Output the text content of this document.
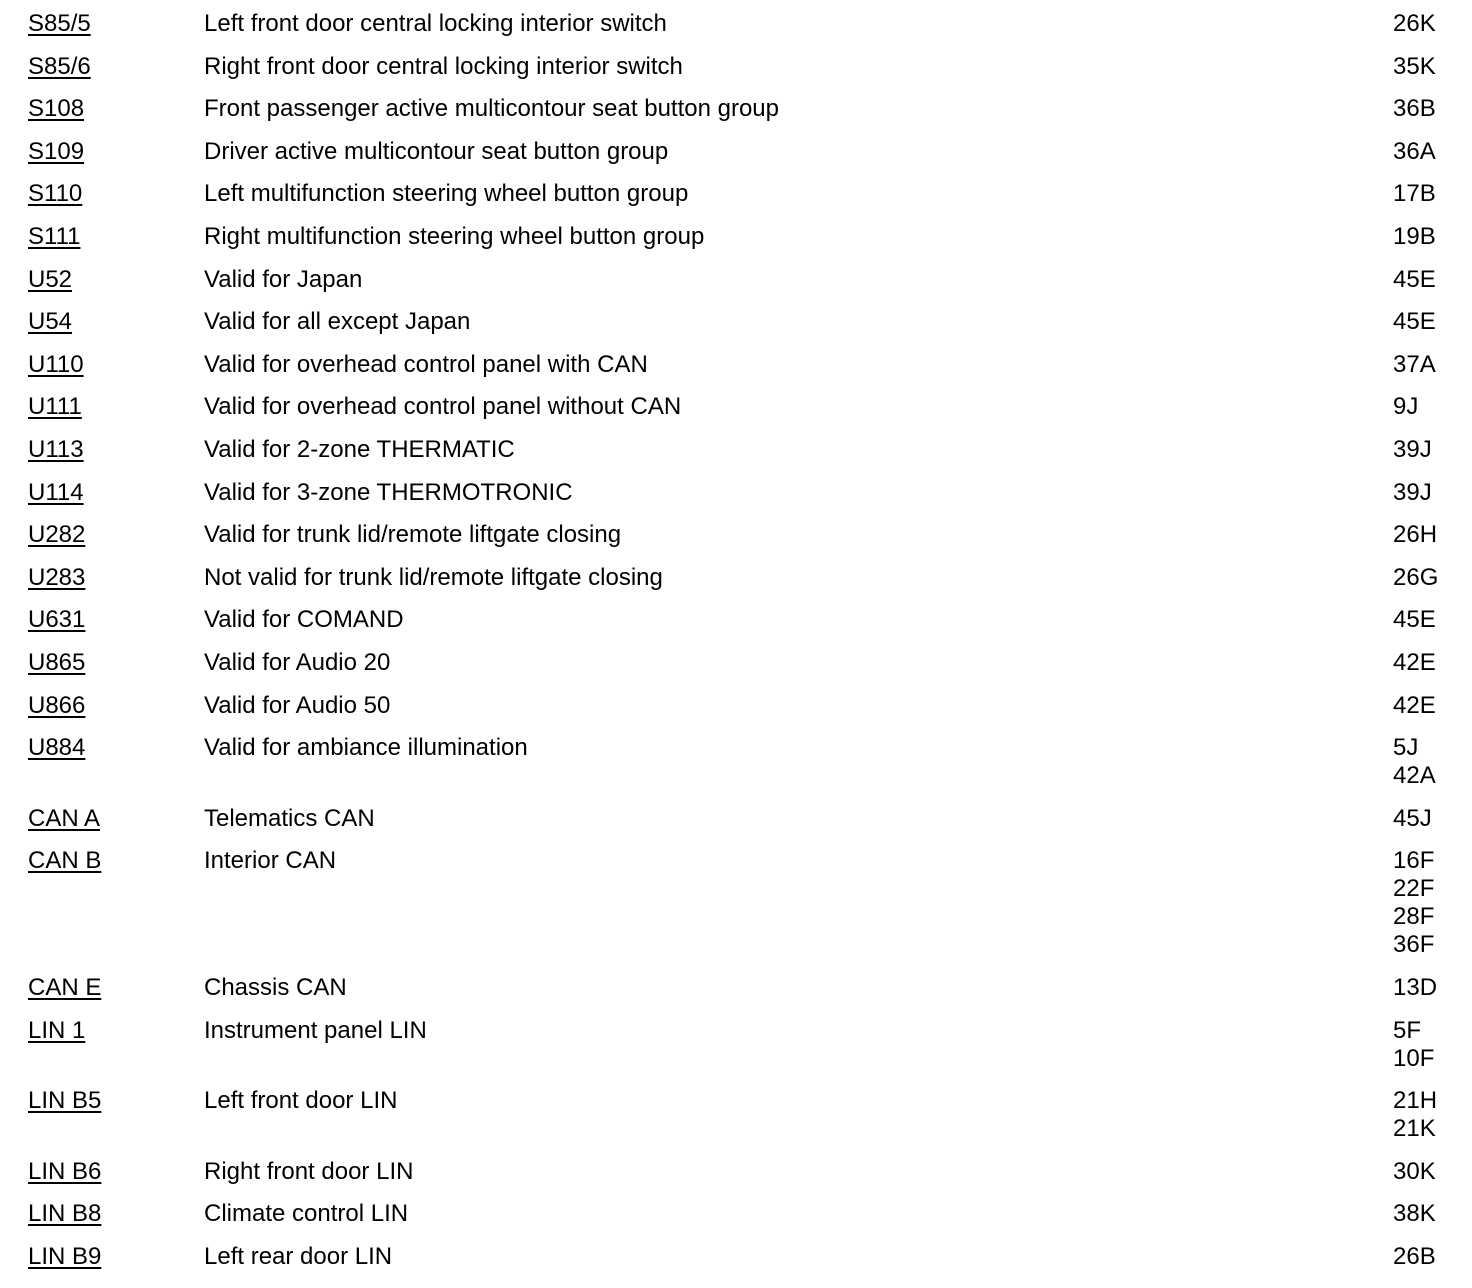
S85/5	Left front door central locking interior switch	26K
S85/6	Right front door central locking interior switch	35K
S108	Front passenger active multicontour seat button group	36B
S109	Driver active multicontour seat button group	36A
S110	Left multifunction steering wheel button group	17B
S111	Right multifunction steering wheel button group	19B
U52	Valid for Japan	45E
U54	Valid for all except Japan	45E
U110	Valid for overhead control panel with CAN	37A
U111	Valid for overhead control panel without CAN	9J
U113	Valid for 2-zone THERMATIC	39J
U114	Valid for 3-zone THERMOTRONIC	39J
U282	Valid for trunk lid/remote liftgate closing	26H
U283	Not valid for trunk lid/remote liftgate closing	26G
U631	Valid for COMAND	45E
U865	Valid for Audio 20	42E
U866	Valid for Audio 50	42E
U884	Valid for ambiance illumination	5J
42A
CAN A	Telematics CAN	45J
CAN B	Interior CAN	16F
22F
28F
36F
CAN E	Chassis CAN	13D
LIN 1	Instrument panel LIN	5F
10F
LIN B5	Left front door LIN	21H
21K
LIN B6	Right front door LIN	30K
LIN B8	Climate control LIN	38K
LIN B9	Left rear door LIN	26B
